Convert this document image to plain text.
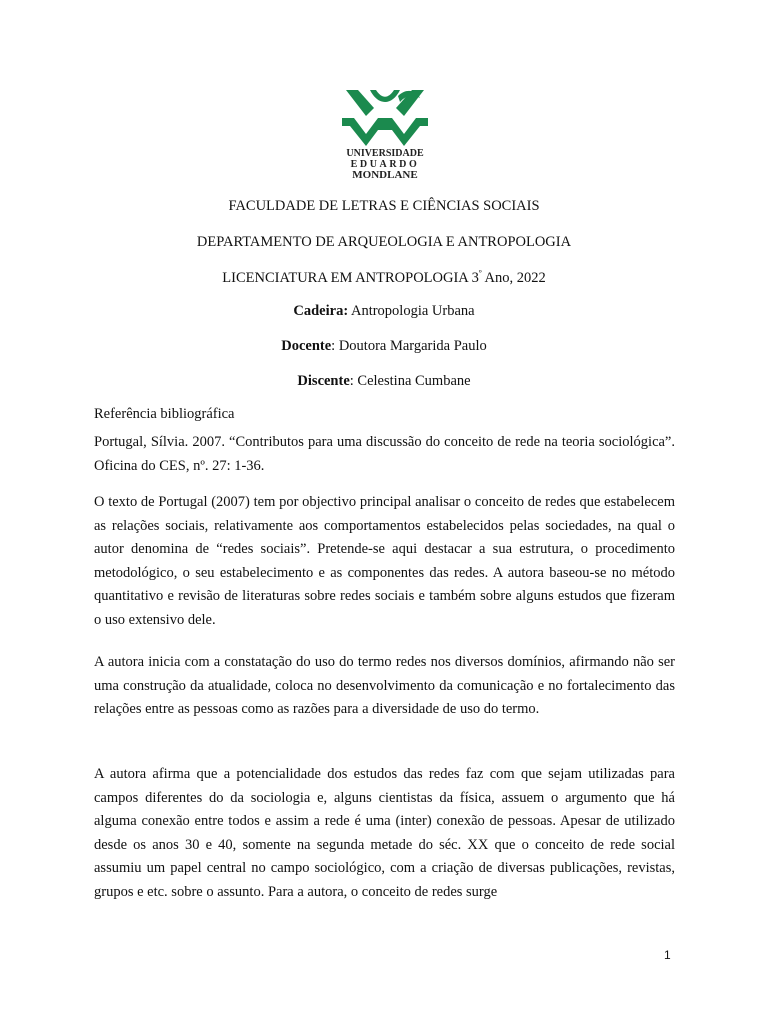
UNIVERSIDADE
EDUARDO
MONDLANE
FACULDADE DE LETRAS E CIÊNCIAS SOCIAIS
DEPARTAMENTO DE ARQUEOLOGIA E ANTROPOLOGIA
LICENCIATURA EM ANTROPOLOGIA $3^º$ Ano, 2022
Cadeira: Antropologia Urbana
Docente: Doutora Margarida Paulo
Discente: Celestina Cumbane
Referência bibliográfica

Portugal, Sílvia. 2007. “Contributos para uma discussão do conceito de rede na teoria sociológica”. Oficina do CES, nº. 27: 1-36.

O texto de Portugal (2007) tem por objectivo principal analisar o conceito de redes que estabelecem as relações sociais, relativamente aos comportamentos estabelecidos pelas sociedades, na qual o autor denomina de “redes sociais”. Pretende-se aqui destacar a sua estrutura, o procedimento metodológico, o seu estabelecimento e as componentes das redes. A autora baseou-se no método quantitativo e revisão de literaturas sobre redes sociais e também sobre alguns estudos que fizeram o uso extensivo dele.

A autora inicia com a constatação do uso do termo redes nos diversos domínios, afirmando não ser uma construção da atualidade, coloca no desenvolvimento da comunicação e no fortalecimento das relações entre as pessoas como as razões para a diversidade de uso do termo.

A autora afirma que a potencialidade dos estudos das redes faz com que sejam utilizadas para campos diferentes do da sociologia e, alguns cientistas da física, assuem o argumento que há alguma conexão entre todos e assim a rede é uma (inter) conexão de pessoas. Apesar de utilizado desde os anos 30 e 40, somente na segunda metade do séc. XX que o conceito de rede social assumiu um papel central no campo sociológico, com a criação de diversas publicações, revistas, grupos e etc. sobre o assunto. Para a autora, o conceito de redes surge

1
